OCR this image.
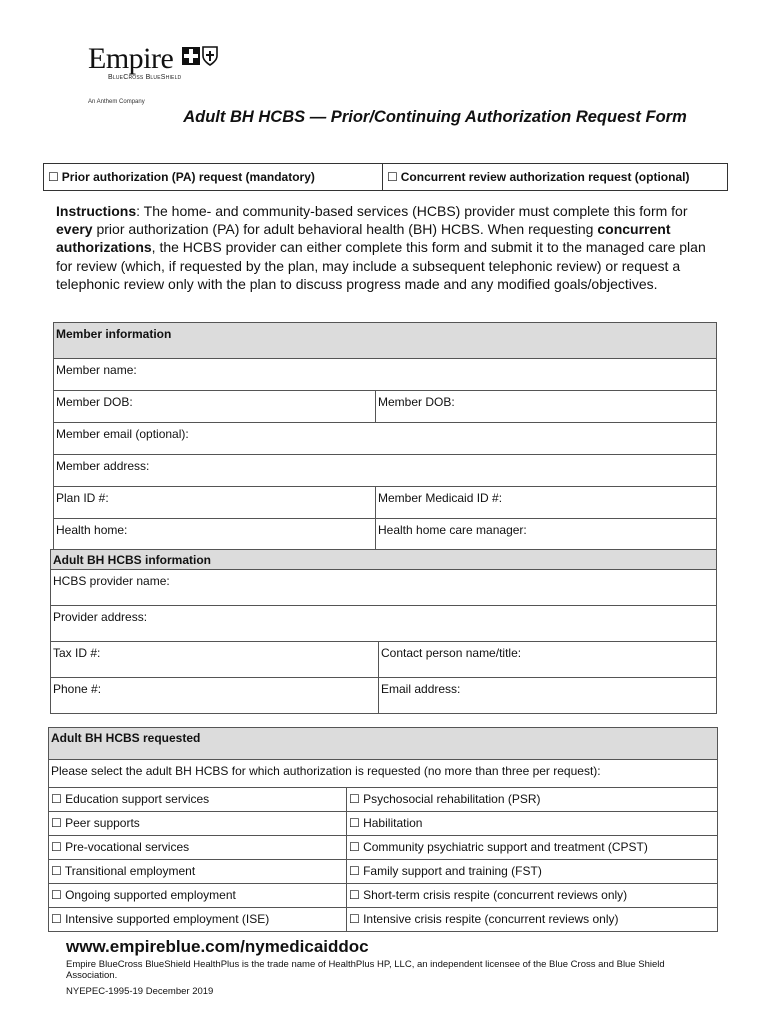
Empire
BlueCross BlueShield
An Anthem Company
Adult BH HCBS — Prior/Continuing Authorization Request Form
☐ Prior authorization (PA) request (mandatory)	☐ Concurrent review authorization request (optional)
Instructions: The home- and community-based services (HCBS) provider must complete this form for every prior authorization (PA) for adult behavioral health (BH) HCBS. When requesting concurrent authorizations, the HCBS provider can either complete this form and submit it to the managed care plan for review (which, if requested by the plan, may include a subsequent telephonic review) or request a telephonic review only with the plan to discuss progress made and any modified goals/objectives.
Member information	
Member name:	
Member DOB:	Member DOB:
Member email (optional):	
Member address:	
Plan ID #:	Member Medicaid ID #:
Health home:	Health home care manager:
Adult BH HCBS information	
HCBS provider name:	
Provider address:	
Tax ID #:	Contact person name/title:
Phone #:	Email address:
Adult BH HCBS requested	
Please select the adult BH HCBS for which authorization is requested (no more than three per request):	
☐ Education support services	☐ Psychosocial rehabilitation (PSR)
☐ Peer supports	☐ Habilitation
☐ Pre-vocational services	☐ Community psychiatric support and treatment (CPST)
☐ Transitional employment	☐ Family support and training (FST)
☐ Ongoing supported employment	☐ Short-term crisis respite (concurrent reviews only)
☐ Intensive supported employment (ISE)	☐ Intensive crisis respite (concurrent reviews only)
www.empireblue.com/nymedicaiddoc
Empire BlueCross BlueShield HealthPlus is the trade name of HealthPlus HP, LLC, an independent licensee of the Blue Cross and Blue Shield Association.
NYEPEC-1995-19 December 2019
